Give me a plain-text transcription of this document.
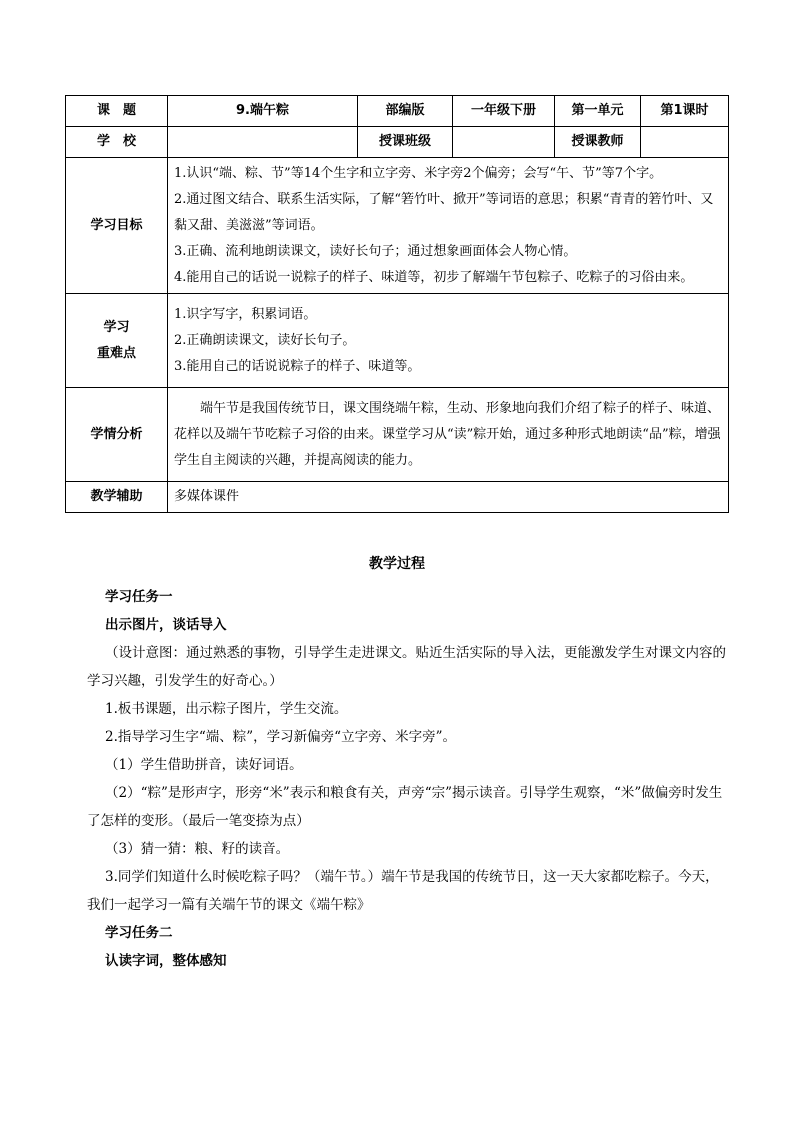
课　题	9.端午粽	部编版	一年级下册	第一单元	第1课时
学　校		授课班级		授课教师	
学习目标	1.认识“端、粽、节”等14个生字和立字旁、米字旁2个偏旁；会写“午、节”等7个字。
2.通过图文结合、联系生活实际，了解“箬竹叶、掀开”等词语的意思；积累“青青的箬竹叶、又黏又甜、美滋滋”等词语。
3.正确、流利地朗读课文，读好长句子；通过想象画面体会人物心情。
4.能用自己的话说一说粽子的样子、味道等，初步了解端午节包粽子、吃粽子的习俗由来。				

学习
重难点	1.识字写字，积累词语。
2.正确朗读课文，读好长句子。
3.能用自己的话说说粽子的样子、味道等。				

学情分析	端午节是我国传统节日，课文围绕端午粽，生动、形象地向我们介绍了粽子的样子、味道、花样以及端午节吃粽子习俗的由来。课堂学习从“读”粽开始，通过多种形式地朗读“品”粽，增强学生自主阅读的兴趣，并提高阅读的能力。				

教学辅助	多媒体课件				
教学过程
学习任务一
出示图片，谈话导入
（设计意图：通过熟悉的事物，引导学生走进课文。贴近生活实际的导入法，更能激发学生对课文内容的学习兴趣，引发学生的好奇心。）
1.板书课题，出示粽子图片，学生交流。
2.指导学习生字“端、粽”，学习新偏旁“立字旁、米字旁”。
（1）学生借助拼音，读好词语。
（2）“粽”是形声字，形旁“米”表示和粮食有关，声旁“宗”揭示读音。引导学生观察，“米”做偏旁时发生了怎样的变形。（最后一笔变捺为点）
（3）猜一猜：粮、籽的读音。
3.同学们知道什么时候吃粽子吗？（端午节。）端午节是我国的传统节日，这一天大家都吃粽子。今天，我们一起学习一篇有关端午节的课文《端午粽》
学习任务二
认读字词，整体感知
